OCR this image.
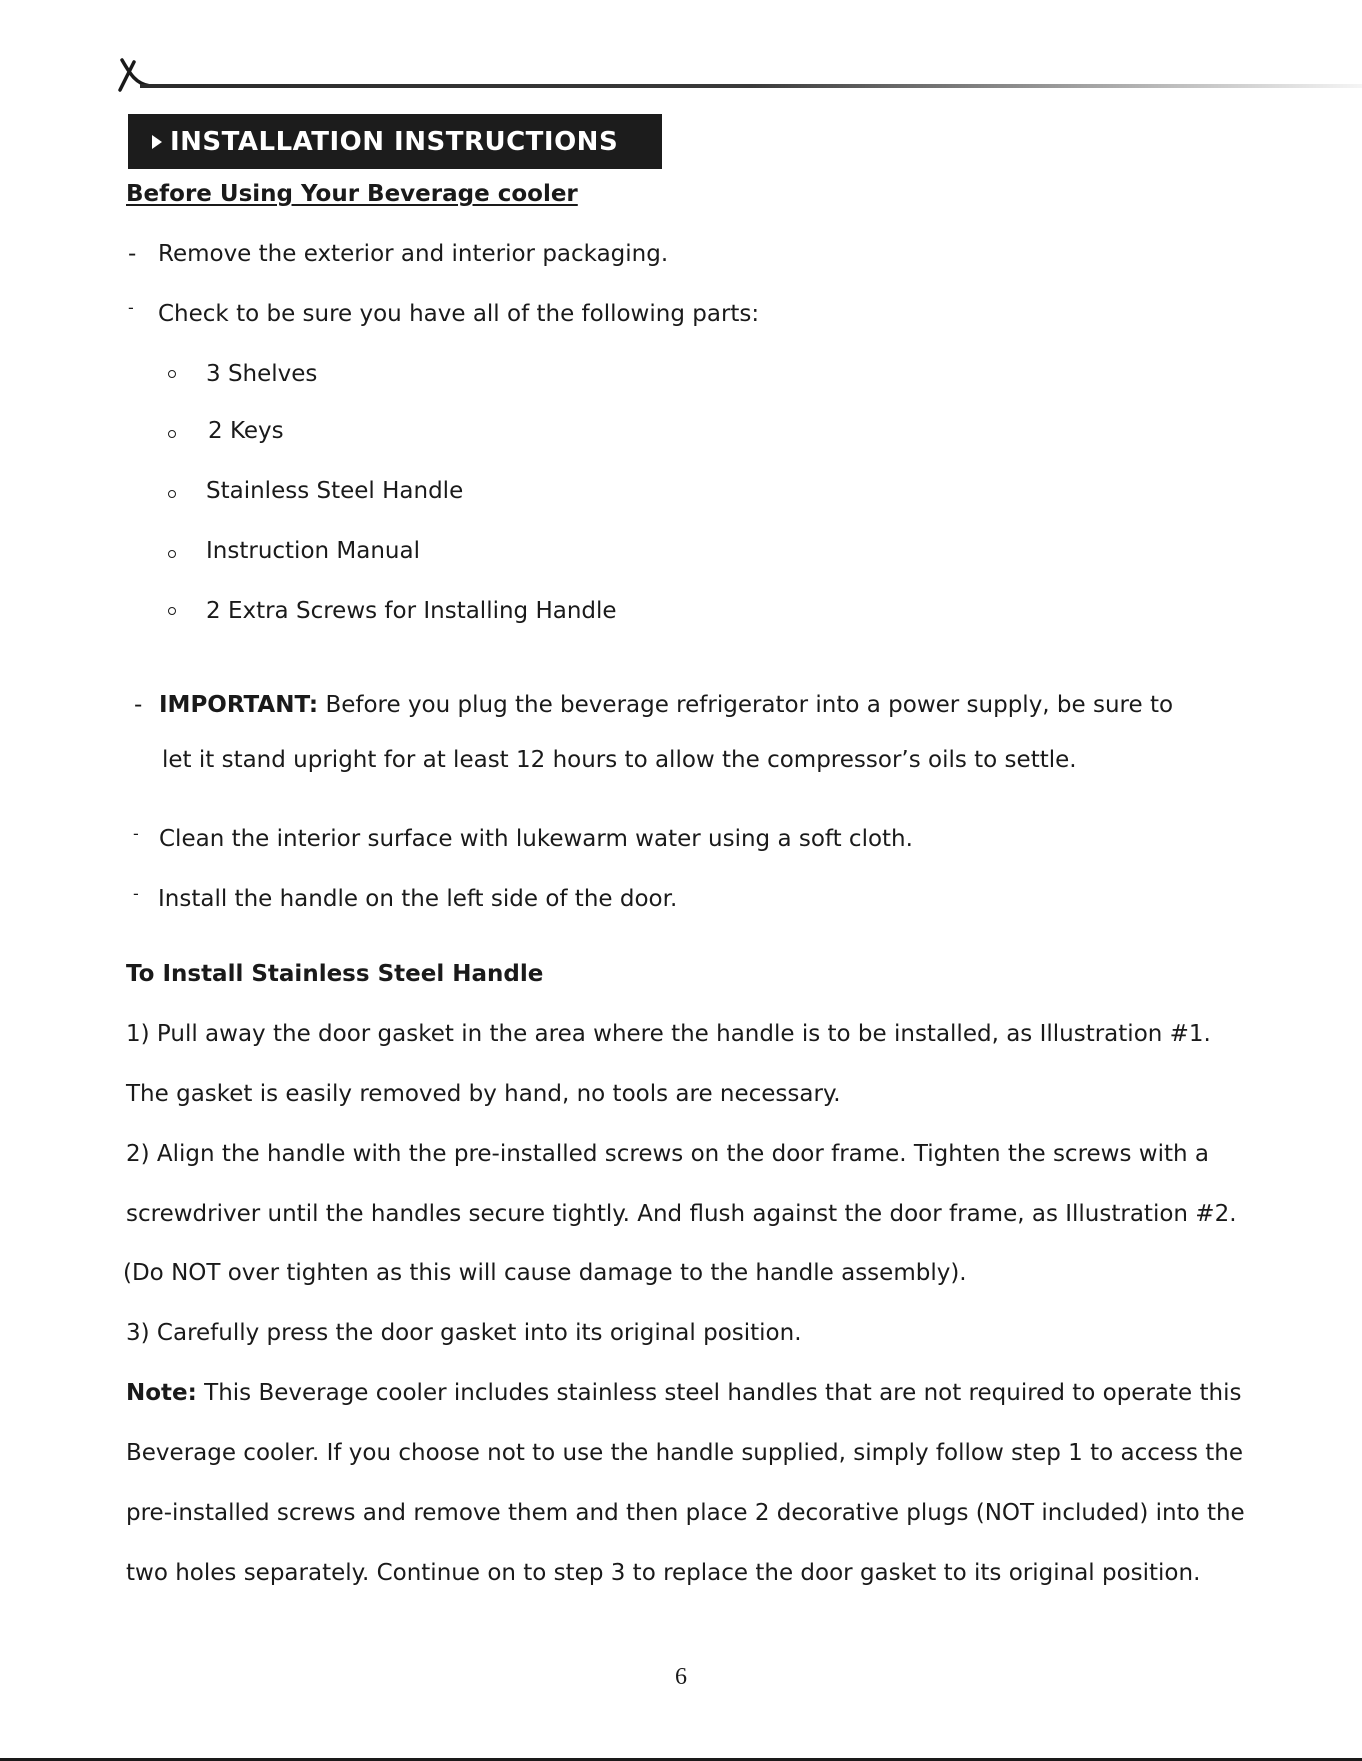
INSTALLATION INSTRUCTIONS
Before Using Your Beverage cooler
- Remove the exterior and interior packaging.
- Check to be sure you have all of the following parts:
3 Shelves
2 Keys
Stainless Steel Handle
Instruction Manual
2 Extra Screws for Installing Handle
- IMPORTANT: Before you plug the beverage refrigerator into a power supply, be sure to
let it stand upright for at least 12 hours to allow the compressor’s oils to settle.
- Clean the interior surface with lukewarm water using a soft cloth.
- Install the handle on the left side of the door.
To Install Stainless Steel Handle
1) Pull away the door gasket in the area where the handle is to be installed, as Illustration #1.
The gasket is easily removed by hand, no tools are necessary.
2) Align the handle with the pre-installed screws on the door frame. Tighten the screws with a
screwdriver until the handles secure tightly. And flush against the door frame, as Illustration #2.
(Do NOT over tighten as this will cause damage to the handle assembly).
3) Carefully press the door gasket into its original position.
Note: This Beverage cooler includes stainless steel handles that are not required to operate this
Beverage cooler. If you choose not to use the handle supplied, simply follow step 1 to access the
pre-installed screws and remove them and then place 2 decorative plugs (NOT included) into the
two holes separately. Continue on to step 3 to replace the door gasket to its original position.
6
